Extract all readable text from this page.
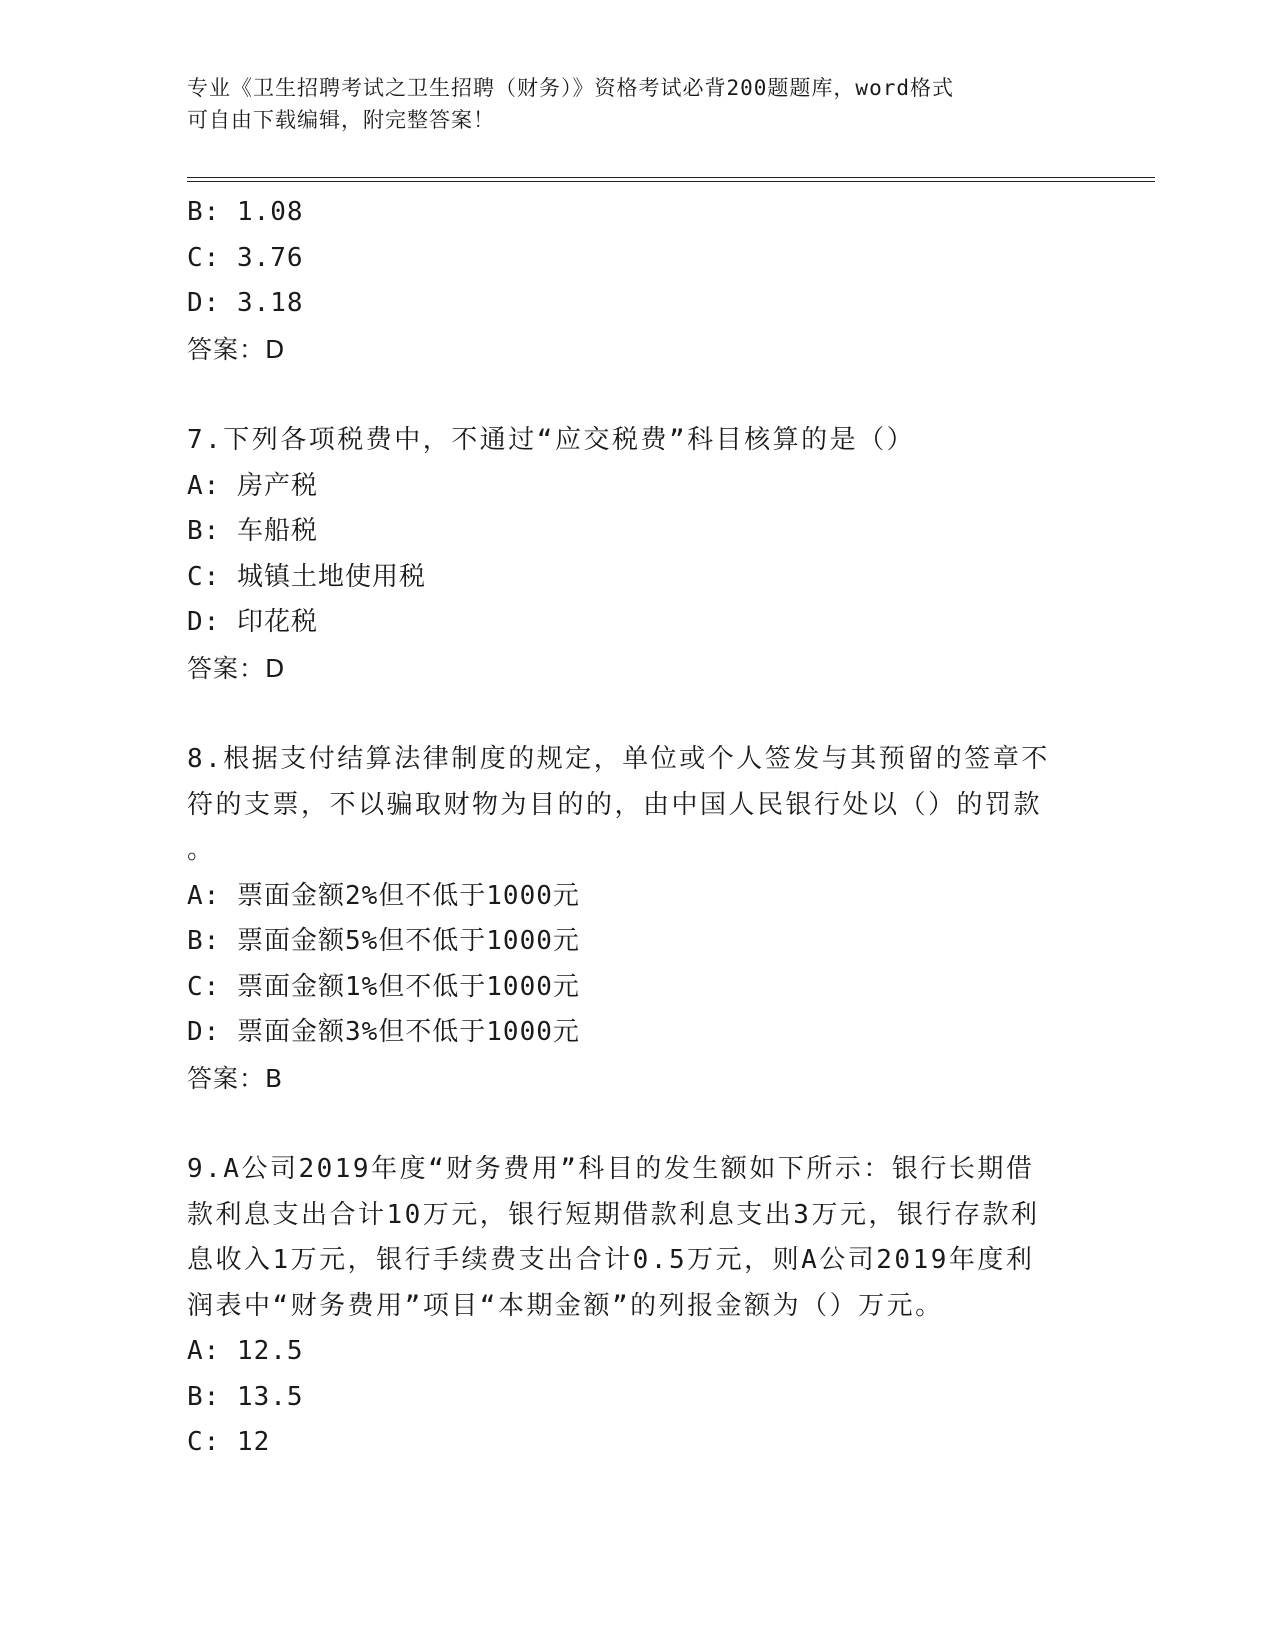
专业《卫生招聘考试之卫生招聘（财务）》资格考试必背200题题库，word格式
可自由下载编辑，附完整答案！
B: 1.08
C: 3.76
D: 3.18
答案：D
7.下列各项税费中，不通过“应交税费”科目核算的是（）
A: 房产税
B: 车船税
C: 城镇土地使用税
D: 印花税
答案：D
8.根据支付结算法律制度的规定，单位或个人签发与其预留的签章不
符的支票，不以骗取财物为目的的，由中国人民银行处以（）的罚款
。
A: 票面金额2%但不低于1000元
B: 票面金额5%但不低于1000元
C: 票面金额1%但不低于1000元
D: 票面金额3%但不低于1000元
答案：B
9.A公司2019年度“财务费用”科目的发生额如下所示：银行长期借
款利息支出合计10万元，银行短期借款利息支出3万元，银行存款利
息收入1万元，银行手续费支出合计0.5万元，则A公司2019年度利
润表中“财务费用”项目“本期金额”的列报金额为（）万元。
A: 12.5
B: 13.5
C: 12
